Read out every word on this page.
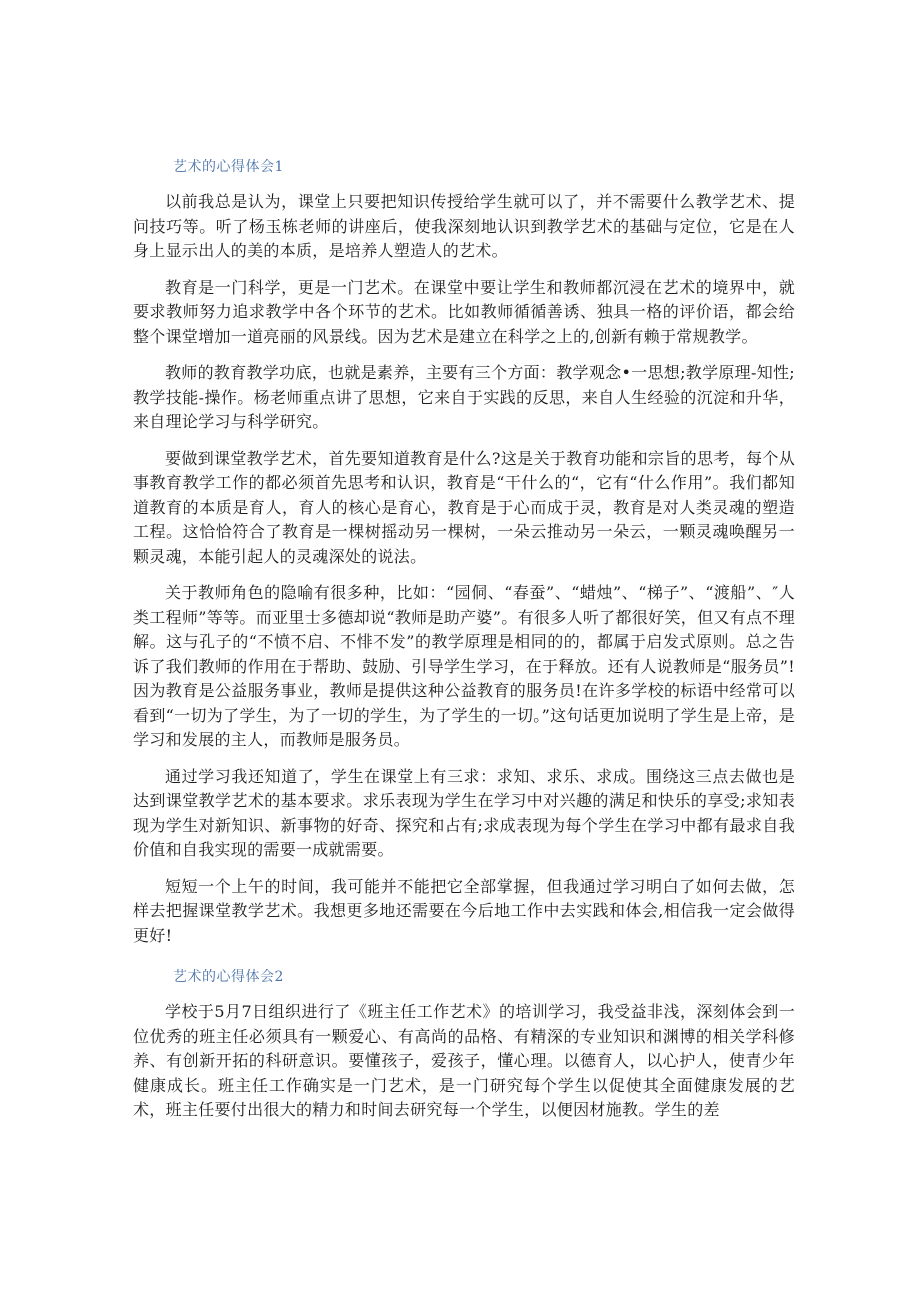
艺术的心得体会1

以前我总是认为，课堂上只要把知识传授给学生就可以了，并不需要什么教学艺术、提问技巧等。听了杨玉栋老师的讲座后，使我深刻地认识到教学艺术的基础与定位，它是在人身上显示出人的美的本质，是培养人塑造人的艺术。

教育是一门科学，更是一门艺术。在课堂中要让学生和教师都沉浸在艺术的境界中，就要求教师努力追求教学中各个环节的艺术。比如教师循循善诱、独具一格的评价语，都会给整个课堂增加一道亮丽的风景线。因为艺术是建立在科学之上的,创新有赖于常规教学。

教师的教育教学功底，也就是素养，主要有三个方面：教学观念•一思想;教学原理-知性;教学技能-操作。杨老师重点讲了思想，它来自于实践的反思，来自人生经验的沉淀和升华，来自理论学习与科学研究。

要做到课堂教学艺术，首先要知道教育是什么?这是关于教育功能和宗旨的思考，每个从事教育教学工作的都必须首先思考和认识，教育是“干什么的“，它有“什么作用”。我们都知道教育的本质是育人，育人的核心是育心，教育是于心而成于灵，教育是对人类灵魂的塑造工程。这恰恰符合了教育是一棵树摇动另一棵树，一朵云推动另一朵云，一颗灵魂唤醒另一颗灵魂，本能引起人的灵魂深处的说法。

关于教师角色的隐喻有很多种，比如：“园侗、“春蚕”、“蜡烛”、“梯子”、“渡船”、″人类工程师”等等。而亚里士多德却说“教师是助产婆”。有很多人听了都很好笑，但又有点不理解。这与孔子的“不愤不启、不悱不发”的教学原理是相同的的，都属于启发式原则。总之告诉了我们教师的作用在于帮助、鼓励、引导学生学习，在于释放。还有人说教师是“服务员”!因为教育是公益服务事业，教师是提供这种公益教育的服务员!在许多学校的标语中经常可以看到“一切为了学生，为了一切的学生，为了学生的一切。”这句话更加说明了学生是上帝，是学习和发展的主人，而教师是服务员。

通过学习我还知道了，学生在课堂上有三求：求知、求乐、求成。围绕这三点去做也是达到课堂教学艺术的基本要求。求乐表现为学生在学习中对兴趣的满足和快乐的享受;求知表现为学生对新知识、新事物的好奇、探究和占有;求成表现为每个学生在学习中都有最求自我价值和自我实现的需要一成就需要。

短短一个上午的时间，我可能并不能把它全部掌握，但我通过学习明白了如何去做，怎样去把握课堂教学艺术。我想更多地还需要在今后地工作中去实践和体会,相信我一定会做得更好!

艺术的心得体会2

学校于5月7日组织进行了《班主任工作艺术》的培训学习，我受益非浅，深刻体会到一位优秀的班主任必须具有一颗爱心、有高尚的品格、有精深的专业知识和渊博的相关学科修养、有创新开拓的科研意识。要懂孩子，爱孩子，懂心理。以德育人，以心护人，使青少年健康成长。班主任工作确实是一门艺术，是一门研究每个学生以促使其全面健康发展的艺术，班主任要付出很大的精力和时间去研究每一个学生，以便因材施教。学生的差
